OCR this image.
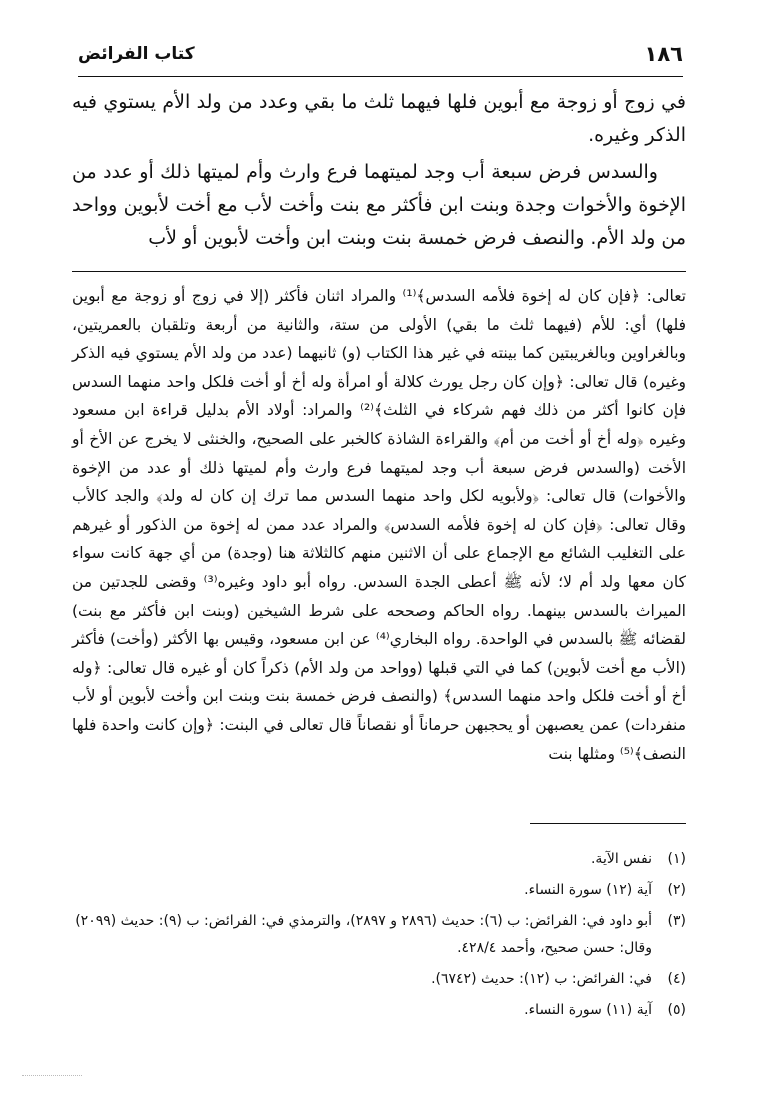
١٨٦
كتاب الفرائض

في زوج أو زوجة مع أبوين فلها فيهما ثلث ما بقي وعدد من ولد الأم يستوي فيه الذكر وغيره.

والسدس فرض سبعة أب وجد لميتهما فرع وارث وأم لميتها ذلك أو عدد من الإخوة والأخوات وجدة وبنت ابن فأكثر مع بنت وأخت لأب مع أخت لأبوين وواحد من ولد الأم. والنصف فرض خمسة بنت وبنت ابن وأخت لأبوين أو لأب

تعالى: ﴿فإن كان له إخوة فلأمه السدس﴾⁽¹⁾ والمراد اثنان فأكثر (إلا في زوج أو زوجة مع أبوين فلها) أي: للأم (فيهما ثلث ما بقي) الأولى من ستة، والثانية من أربعة وتلقبان بالعمريتين، وبالغراوين وبالغريبتين كما بينته في غير هذا الكتاب (و) ثانيهما (عدد من ولد الأم يستوي فيه الذكر وغيره) قال تعالى: ﴿وإن كان رجل يورث كلالة أو امرأة وله أخ أو أخت فلكل واحد منهما السدس فإن كانوا أكثر من ذلك فهم شركاء في الثلث﴾⁽²⁾ والمراد: أولاد الأم بدليل قراءة ابن مسعود وغيره ﴿وله أخ أو أخت من أم﴾ والقراءة الشاذة كالخبر على الصحيح، والخنثى لا يخرج عن الأخ أو الأخت (والسدس فرض سبعة أب وجد لميتهما فرع وارث وأم لميتها ذلك أو عدد من الإخوة والأخوات) قال تعالى: ﴿ولأبويه لكل واحد منهما السدس مما ترك إن كان له ولد﴾ والجد كالأب وقال تعالى: ﴿فإن كان له إخوة فلأمه السدس﴾ والمراد عدد ممن له إخوة من الذكور أو غيرهم على التغليب الشائع مع الإجماع على أن الاثنين منهم كالثلاثة هنا (وجدة) من أي جهة كانت سواء كان معها ولد أم لا؛ لأنه ﷺ أعطى الجدة السدس. رواه أبو داود وغيره⁽³⁾ وقضى للجدتين من الميراث بالسدس بينهما. رواه الحاكم وصححه على شرط الشيخين (وبنت ابن فأكثر مع بنت) لقضائه ﷺ بالسدس في الواحدة. رواه البخاري⁽⁴⁾ عن ابن مسعود، وقيس بها الأكثر (وأخت) فأكثر (الأب مع أخت لأبوين) كما في التي قبلها (وواحد من ولد الأم) ذكراً كان أو غيره قال تعالى: ﴿وله أخ أو أخت فلكل واحد منهما السدس﴾ (والنصف فرض خمسة بنت وبنت ابن وأخت لأبوين أو لأب منفردات) عمن يعصبهن أو يحجبهن حرماناً أو نقصاناً قال تعالى في البنت: ﴿وإن كانت واحدة فلها النصف﴾⁽⁵⁾ ومثلها بنت

(١)
نفس الآية.
(٢)
آية (١٢) سورة النساء.
(٣)
أبو داود في: الفرائض: ب (٦): حديث (٢٨٩٦ و ٢٨٩٧)، والترمذي في: الفرائض: ب (٩): حديث (٢٠٩٩) وقال: حسن صحيح، وأحمد ٤٢٨/٤.
(٤)
في: الفرائض: ب (١٢): حديث (٦٧٤٢).
(٥)
آية (١١) سورة النساء.
